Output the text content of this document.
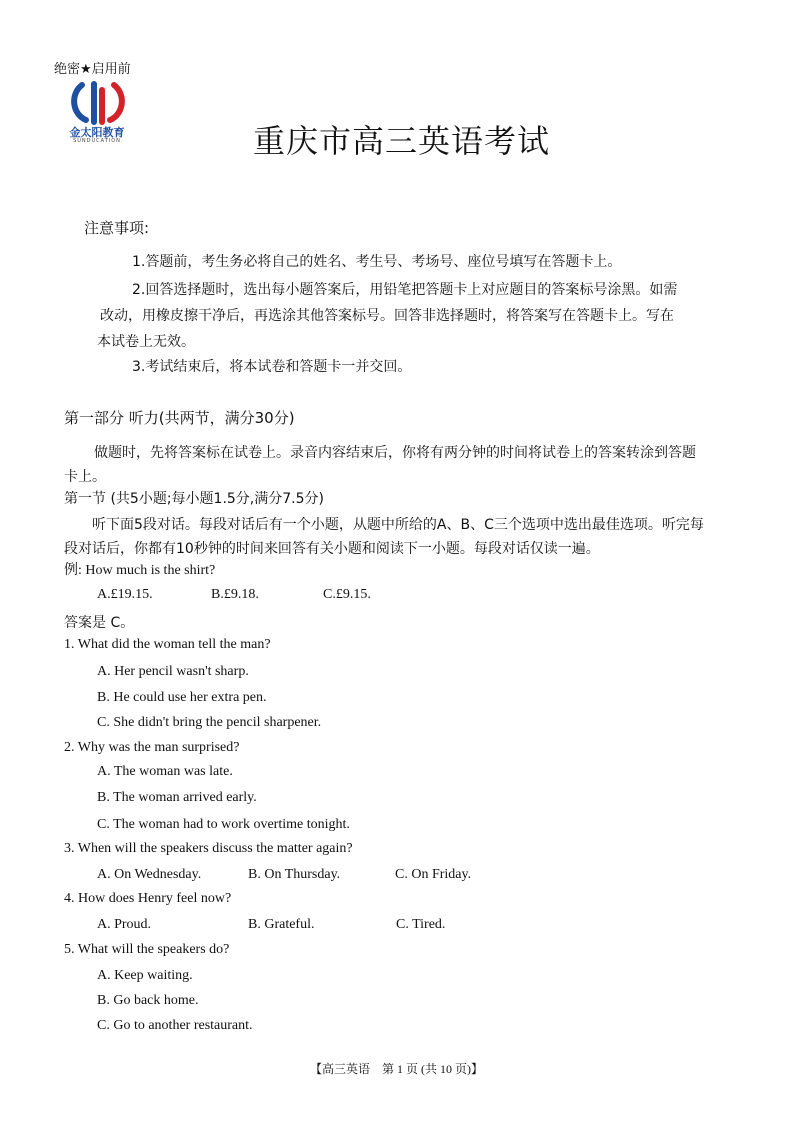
绝密★启用前
金太阳教育
SUNDUCATION	重庆市高三英语考试
注意事项:
1.答题前，考生务必将自己的姓名、考生号、考场号、座位号填写在答题卡上。
2.回答选择题时，选出每小题答案后，用铅笔把答题卡上对应题目的答案标号涂黑。如需
改动，用橡皮擦干净后，再选涂其他答案标号。回答非选择题时，将答案写在答题卡上。写在
本试卷上无效。
3.考试结束后，将本试卷和答题卡一并交回。
第一部分 听力(共两节，满分30分)
做题时，先将答案标在试卷上。录音内容结束后，你将有两分钟的时间将试卷上的答案转涂到答题
卡上。
第一节 (共5小题;每小题1.5分,满分7.5分)
听下面5段对话。每段对话后有一个小题，从题中所给的A、B、C三个选项中选出最佳选项。听完每
段对话后，你都有10秒钟的时间来回答有关小题和阅读下一小题。每段对话仅读一遍。
例: How much is the shirt?
A.£19.15.	B.£9.18.	C.£9.15.
答案是 C。
1. What did the woman tell the man?
A. Her pencil wasn't sharp.
B. He could use her extra pen.
C. She didn't bring the pencil sharpener.
2. Why was the man surprised?
A. The woman was late.
B. The woman arrived early.
C. The woman had to work overtime tonight.
3. When will the speakers discuss the matter again?
A. On Wednesday.	B. On Thursday.	C. On Friday.
4. How does Henry feel now?
A. Proud.	B. Grateful.	C. Tired.
5. What will the speakers do?
A. Keep waiting.
B. Go back home.
C. Go to another restaurant.
【高三英语　第 1 页 (共 10 页)】
